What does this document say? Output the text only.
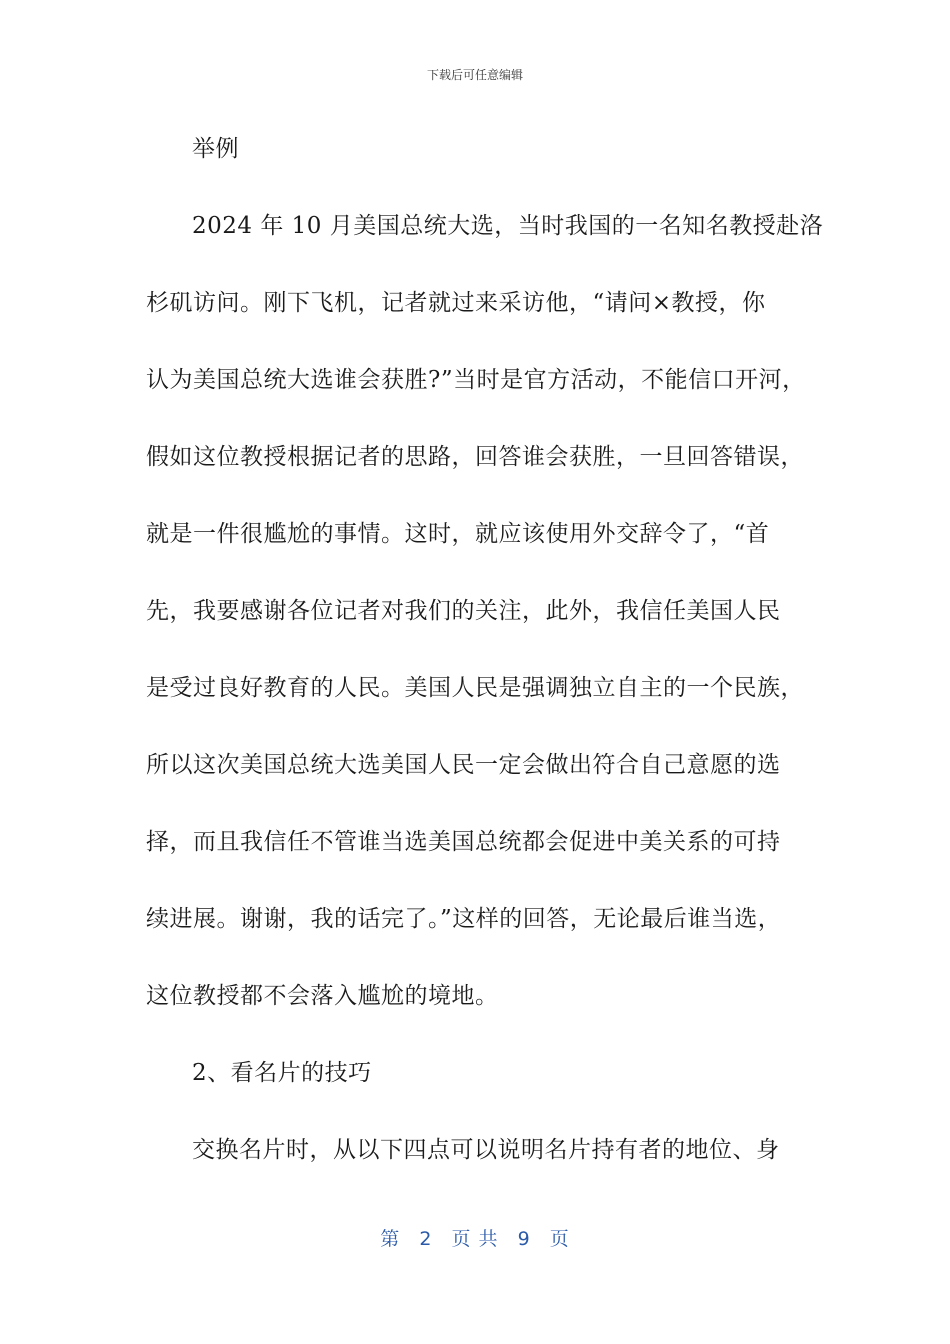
下载后可任意编辑
举例
2024 年 10 月美国总统大选，当时我国的一名知名教授赴洛
杉矶访问。刚下飞机，记者就过来采访他，“请问×教授，你
认为美国总统大选谁会获胜?”当时是官方活动，不能信口开河，
假如这位教授根据记者的思路，回答谁会获胜，一旦回答错误，
就是一件很尴尬的事情。这时，就应该使用外交辞令了，“首
先，我要感谢各位记者对我们的关注，此外，我信任美国人民
是受过良好教育的人民。美国人民是强调独立自主的一个民族，
所以这次美国总统大选美国人民一定会做出符合自己意愿的选
择，而且我信任不管谁当选美国总统都会促进中美关系的可持
续进展。谢谢，我的话完了。”这样的回答，无论最后谁当选，
这位教授都不会落入尴尬的境地。
2、看名片的技巧
交换名片时，从以下四点可以说明名片持有者的地位、身
第 2 页 共 9 页
